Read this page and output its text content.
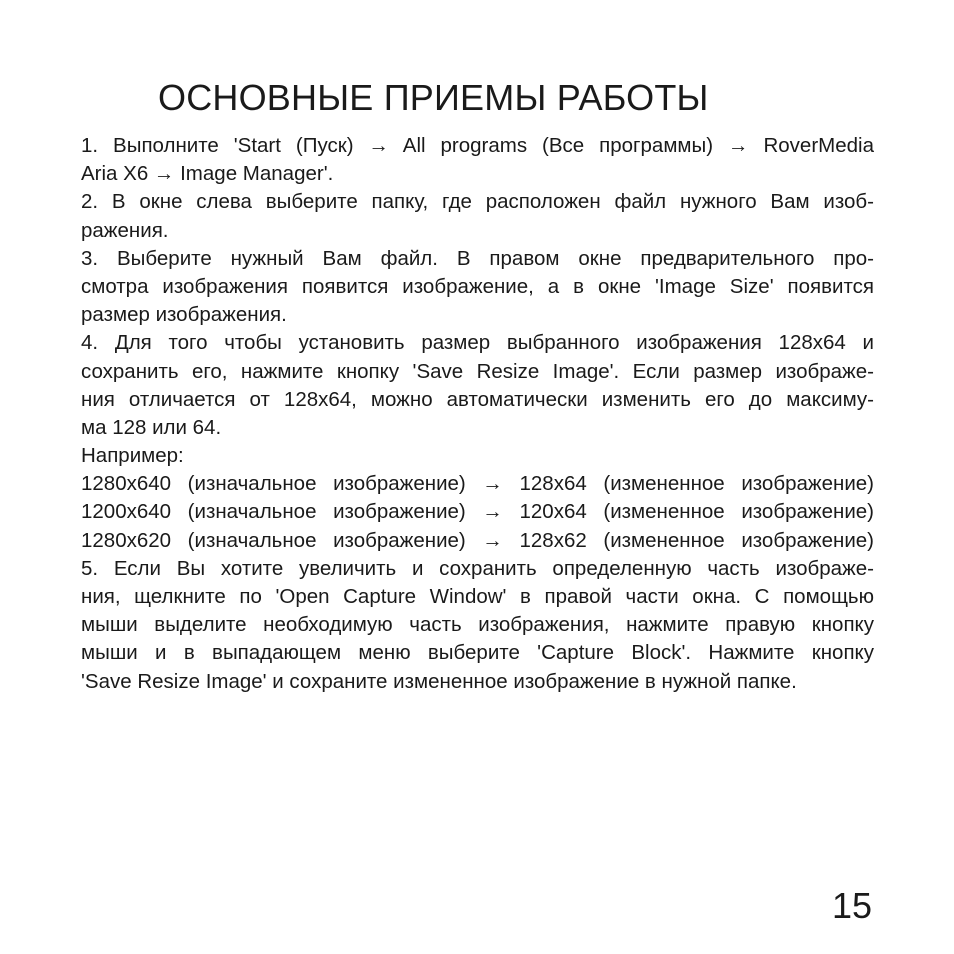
ОСНОВНЫЕ ПРИЕМЫ РАБОТЫ
1. Выполните 'Start (Пуск) → All programs (Все программы) → RoverMedia
Aria X6 → Image Manager'.
2. В окне слева выберите папку, где расположен файл нужного Вам изоб-
ражения.
3. Выберите нужный Вам файл. В правом окне предварительного про-
смотра изображения появится изображение, а в окне 'Image Size' появится
размер изображения.
4. Для того чтобы установить размер выбранного изображения 128x64 и
сохранить его, нажмите кнопку 'Save Resize Image'. Если размер изображе-
ния отличается от 128x64, можно автоматически изменить его до максиму-
ма 128 или 64.
Например:
1280x640 (изначальное изображение) → 128x64 (измененное изображение)
1200x640 (изначальное изображение) → 120x64 (измененное изображение)
1280x620 (изначальное изображение) → 128x62 (измененное изображение)
5. Если Вы хотите увеличить и сохранить определенную часть изображе-
ния, щелкните по 'Open Capture Window' в правой части окна. С помощью
мыши выделите необходимую часть изображения, нажмите правую кнопку
мыши и в выпадающем меню выберите 'Capture Block'. Нажмите кнопку
'Save Resize Image' и сохраните измененное изображение в нужной папке.
15
